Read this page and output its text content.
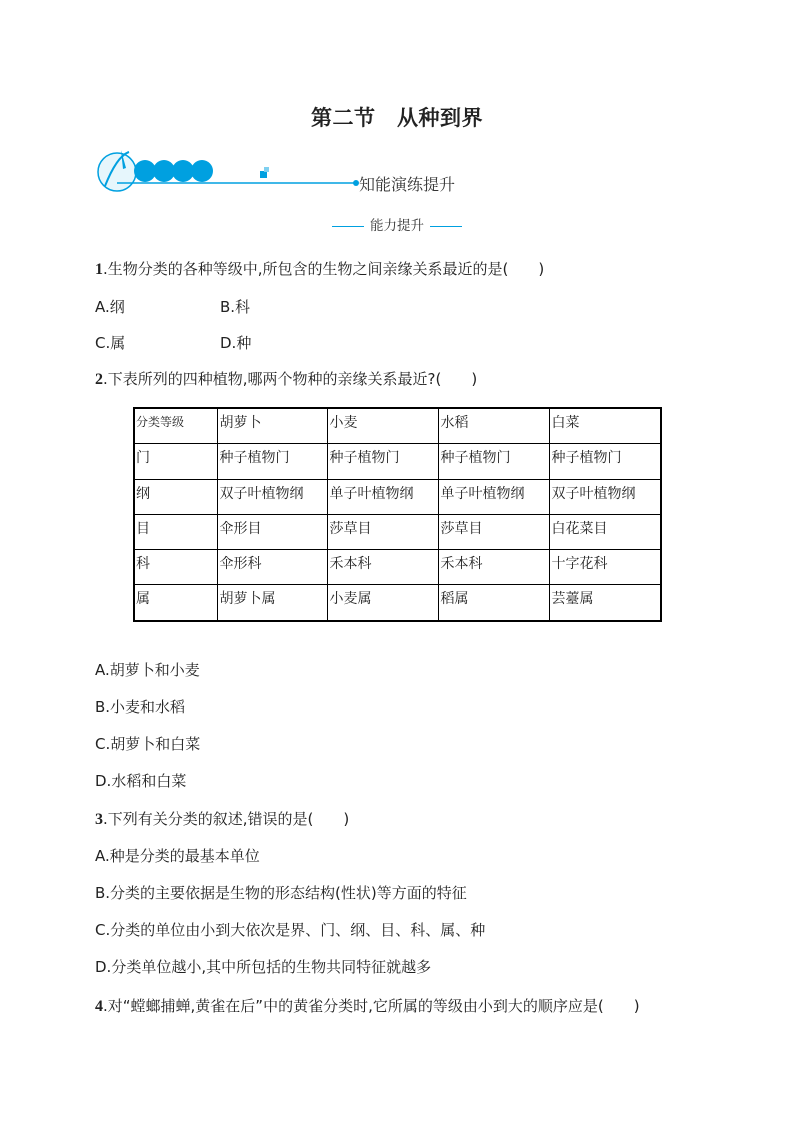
第二节　从种到界
知能演练提升
能力提升
1.生物分类的各种等级中,所包含的生物之间亲缘关系最近的是(　　)
A.纲	B.科
C.属	D.种
2.下表所列的四种植物,哪两个物种的亲缘关系最近?(　　)
分类等级	胡萝卜	小麦	水稻	白菜
门	种子植物门	种子植物门	种子植物门	种子植物门
纲	双子叶植物纲	单子叶植物纲	单子叶植物纲	双子叶植物纲
目	伞形目	莎草目	莎草目	白花菜目
科	伞形科	禾本科	禾本科	十字花科
属	胡萝卜属	小麦属	稻属	芸薹属
A.胡萝卜和小麦
B.小麦和水稻
C.胡萝卜和白菜
D.水稻和白菜
3.下列有关分类的叙述,错误的是(　　)
A.种是分类的最基本单位
B.分类的主要依据是生物的形态结构(性状)等方面的特征
C.分类的单位由小到大依次是界、门、纲、目、科、属、种
D.分类单位越小,其中所包括的生物共同特征就越多
4.对“螳螂捕蝉,黄雀在后”中的黄雀分类时,它所属的等级由小到大的顺序应是(　　)
